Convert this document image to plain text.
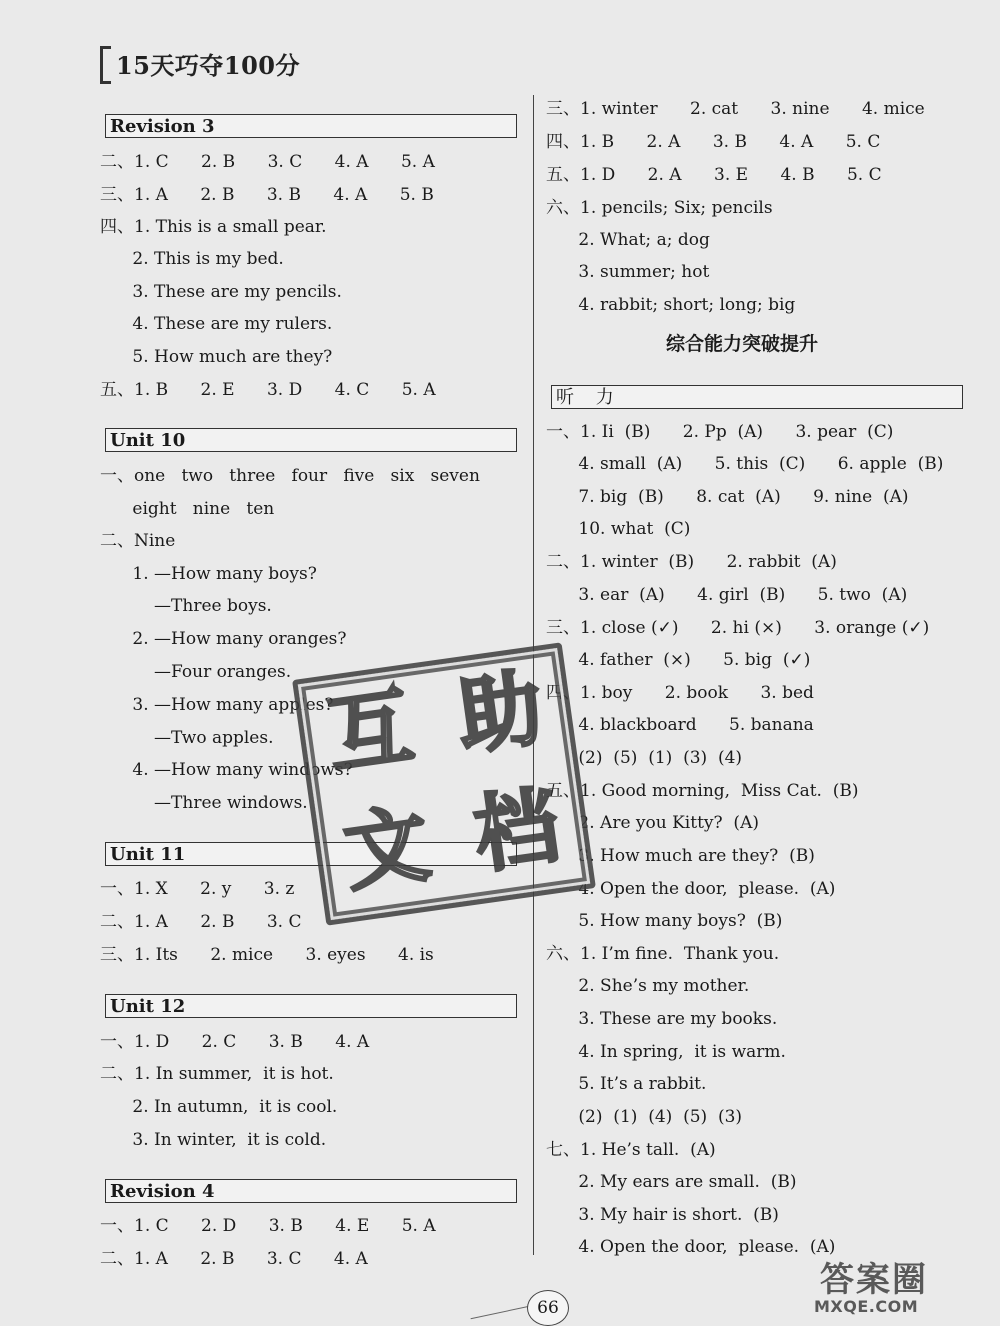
15天巧夺100分
Revision 3
二、1. C      2. B      3. C      4. A      5. A
三、1. A      2. B      3. B      4. A      5. B
四、1. This is a small pear.
2. This is my bed.
3. These are my pencils.
4. These are my rulers.
5. How much are they?
五、1. B      2. E      3. D      4. C      5. A
Unit 10
一、one   two   three   four   five   six   seven
eight   nine   ten
二、Nine
1. —How many boys?
—Three boys.
2. —How many oranges?
—Four oranges.
3. —How many apples?
—Two apples.
4. —How many windows?
—Three windows.
Unit 11
一、1. X      2. y      3. z
二、1. A      2. B      3. C
三、1. Its      2. mice      3. eyes      4. is
Unit 12
一、1. D      2. C      3. B      4. A
二、1. In summer,  it is hot.
2. In autumn,  it is cool.
3. In winter,  it is cold.
Revision 4
一、1. C      2. D      3. B      4. E      5. A
二、1. A      2. B      3. C      4. A
三、1. winter      2. cat      3. nine      4. mice
四、1. B      2. A      3. B      4. A      5. C
五、1. D      2. A      3. E      4. B      5. C
六、1. pencils; Six; pencils
2. What; a; dog
3. summer; hot
4. rabbit; short; long; big
综合能力突破提升
听 力
一、1. Ii  (B)      2. Pp  (A)      3. pear  (C)
4. small  (A)      5. this  (C)      6. apple  (B)
7. big  (B)      8. cat  (A)      9. nine  (A)
10. what  (C)
二、1. winter  (B)      2. rabbit  (A)
3. ear  (A)      4. girl  (B)      5. two  (A)
三、1. close (✓)      2. hi (×)      3. orange (✓)
4. father  (×)      5. big  (✓)
四、1. boy      2. book      3. bed
4. blackboard      5. banana
(2)  (5)  (1)  (3)  (4)
五、1. Good morning,  Miss Cat.  (B)
2. Are you Kitty?  (A)
3. How much are they?  (B)
4. Open the door,  please.  (A)
5. How many boys?  (B)
六、1. I’m fine.  Thank you.
2. She’s my mother.
3. These are my books.
4. In spring,  it is warm.
5. It’s a rabbit.
(2)  (1)  (4)  (5)  (3)
七、1. He’s tall.  (A)
2. My ears are small.  (B)
3. My hair is short.  (B)
4. Open the door,  please.  (A)
互 助
文 档
66
答案圈
MXQE.COM
